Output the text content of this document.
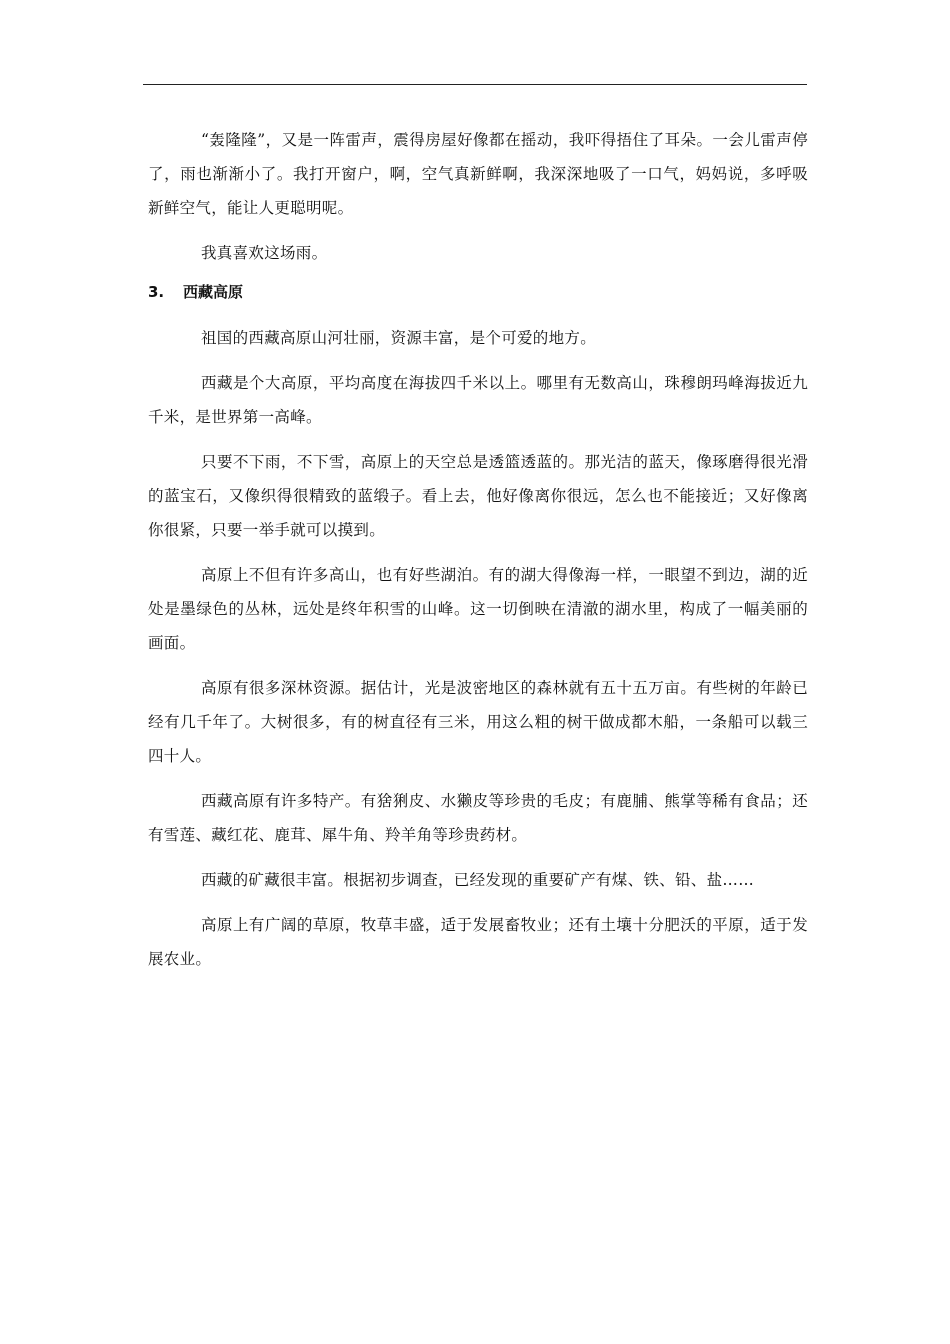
“轰隆隆”，又是一阵雷声，震得房屋好像都在摇动，我吓得捂住了耳朵。一会儿雷声停了，雨也渐渐小了。我打开窗户，啊，空气真新鲜啊，我深深地吸了一口气，妈妈说，多呼吸新鲜空气，能让人更聪明呢。

我真喜欢这场雨。

3. 西藏高原

祖国的西藏高原山河壮丽，资源丰富，是个可爱的地方。

西藏是个大高原，平均高度在海拔四千米以上。哪里有无数高山，珠穆朗玛峰海拔近九千米，是世界第一高峰。

只要不下雨，不下雪，高原上的天空总是透篮透蓝的。那光洁的蓝天，像琢磨得很光滑的蓝宝石，又像织得很精致的蓝缎子。看上去，他好像离你很远，怎么也不能接近；又好像离你很紧，只要一举手就可以摸到。

高原上不但有许多高山，也有好些湖泊。有的湖大得像海一样，一眼望不到边，湖的近处是墨绿色的丛林，远处是终年积雪的山峰。这一切倒映在清澈的湖水里，构成了一幅美丽的画面。

高原有很多深林资源。据估计，光是波密地区的森林就有五十五万亩。有些树的年龄已经有几千年了。大树很多，有的树直径有三米，用这么粗的树干做成都木船，一条船可以载三四十人。

西藏高原有许多特产。有猞猁皮、水獭皮等珍贵的毛皮；有鹿脯、熊掌等稀有食品；还有雪莲、藏红花、鹿茸、犀牛角、羚羊角等珍贵药材。

西藏的矿藏很丰富。根据初步调查，已经发现的重要矿产有煤、铁、铅、盐……

高原上有广阔的草原，牧草丰盛，适于发展畜牧业；还有土壤十分肥沃的平原，适于发展农业。
